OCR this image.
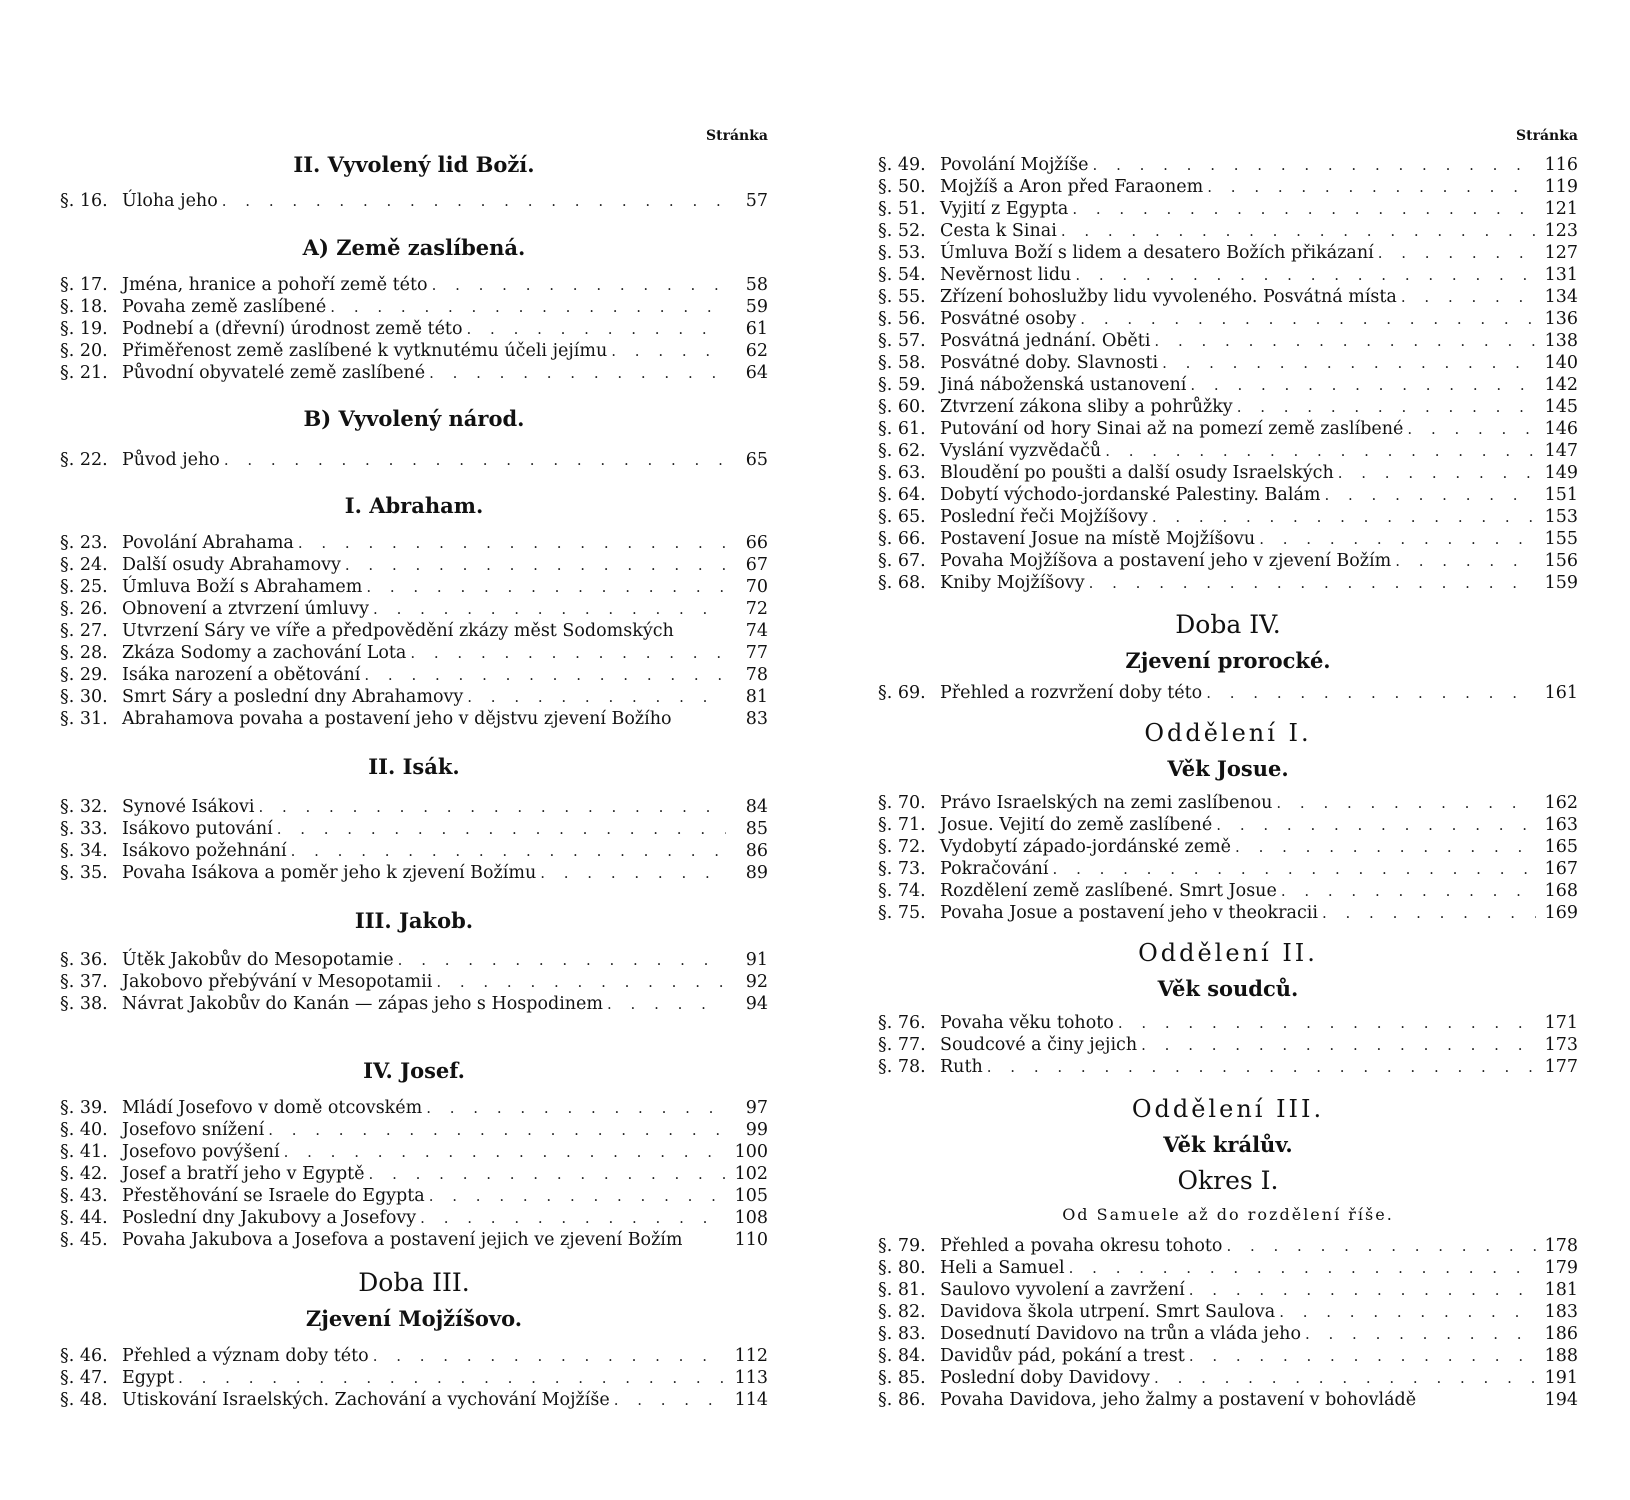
Stránka
II. Vyvolený lid Boží.
§. 16. Úloha jeho . . .	57
A) Země zaslíbená.
§. 17. Jména, hranice a pohoří země této . . .	58
§. 18. Povaha země zaslíbené . . .	59
§. 19. Podnebí a (dřevní) úrodnost země této . . .	61
§. 20. Přiměřenost země zaslíbené k vytknutému účeli jejímu . . .	62
§. 21. Původní obyvatelé země zaslíbené . . .	64
B) Vyvolený národ.
§. 22. Původ jeho . . .	65
I. Abraham.
§. 23. Povolání Abrahama . . .	66
§. 24. Další osudy Abrahamovy . . .	67
§. 25. Úmluva Boží s Abrahamem . . .	70
§. 26. Obnovení a ztvrzení úmluvy . . .	72
§. 27. Utvrzení Sáry ve víře a předpovědění zkázy měst Sodomských	74
§. 28. Zkáza Sodomy a zachování Lota . . .	77
§. 29. Isáka narození a obětování . . .	78
§. 30. Smrt Sáry a poslední dny Abrahamovy . . .	81
§. 31. Abrahamova povaha a postavení jeho v dějstvu zjevení Božího	83
II. Isák.
§. 32. Synové Isákovi . . .	84
§. 33. Isákovo putování . . .	85
§. 34. Isákovo požehnání . . .	86
§. 35. Povaha Isákova a poměr jeho k zjevení Božímu . . .	89
III. Jakob.
§. 36. Útěk Jakobův do Mesopotamie . . .	91
§. 37. Jakobovo přebývání v Mesopotamii . . .	92
§. 38. Návrat Jakobův do Kanán — zápas jeho s Hospodinem . . .	94
IV. Josef.
§. 39. Mládí Josefovo v domě otcovském . . .	97
§. 40. Josefovo snížení . . .	99
§. 41. Josefovo povýšení . . .	100
§. 42. Josef a bratří jeho v Egyptě . . .	102
§. 43. Přestěhování se Israele do Egypta . . .	105
§. 44. Poslední dny Jakubovy a Josefovy . . .	108
§. 45. Povaha Jakubova a Josefova a postavení jejich ve zjevení Božím	110
Doba III.
Zjevení Mojžíšovo.
§. 46. Přehled a význam doby této . . .	112
§. 47. Egypt . . .	113
§. 48. Utiskování Israelských. Zachování a vychování Mojžíše . . .	114
Stránka
§. 49. Povolání Mojžíše . . .	116
§. 50. Mojžíš a Aron před Faraonem . . .	119
§. 51. Vyjití z Egypta . . .	121
§. 52. Cesta k Sinai . . .	123
§. 53. Úmluva Boží s lidem a desatero Božích přikázaní . . .	127
§. 54. Nevěrnost lidu . . .	131
§. 55. Zřízení bohoslužby lidu vyvoleného. Posvátná místa . . .	134
§. 56. Posvátné osoby . . .	136
§. 57. Posvátná jednání. Oběti . . .	138
§. 58. Posvátné doby. Slavnosti . . .	140
§. 59. Jiná náboženská ustanovení . . .	142
§. 60. Ztvrzení zákona sliby a pohrůžky . . .	145
§. 61. Putování od hory Sinai až na pomezí země zaslíbené . . .	146
§. 62. Vyslání vyzvědačů . . .	147
§. 63. Bloudění po poušti a další osudy Israelských . . .	149
§. 64. Dobytí východo-jordanské Palestiny. Balám . . .	151
§. 65. Poslední řeči Mojžíšovy . . .	153
§. 66. Postavení Josue na místě Mojžíšovu . . .	155
§. 67. Povaha Mojžíšova a postavení jeho v zjevení Božím . . .	156
§. 68. Kniby Mojžíšovy . . .	159
Doba IV.
Zjevení prorocké.
§. 69. Přehled a rozvržení doby této . . .	161
Oddělení I.
Věk Josue.
§. 70. Právo Israelských na zemi zaslíbenou . . .	162
§. 71. Josue. Vejití do země zaslíbené . . .	163
§. 72. Vydobytí západo-jordánské země . . .	165
§. 73. Pokračování . . .	167
§. 74. Rozdělení země zaslíbené. Smrt Josue . . .	168
§. 75. Povaha Josue a postavení jeho v theokracii . . .	169
Oddělení II.
Věk soudců.
§. 76. Povaha věku tohoto . . .	171
§. 77. Soudcové a činy jejich . . .	173
§. 78. Ruth . . .	177
Oddělení III.
Věk králův.
Okres I.
Od Samuele až do rozdělení říše.
§. 79. Přehled a povaha okresu tohoto . . .	178
§. 80. Heli a Samuel . . .	179
§. 81. Saulovo vyvolení a zavržení . . .	181
§. 82. Davidova škola utrpení. Smrt Saulova . . .	183
§. 83. Dosednutí Davidovo na trůn a vláda jeho . . .	186
§. 84. Davidův pád, pokání a trest . . .	188
§. 85. Poslední doby Davidovy . . .	191
§. 86. Povaha Davidova, jeho žalmy a postavení v bohovládě	194
